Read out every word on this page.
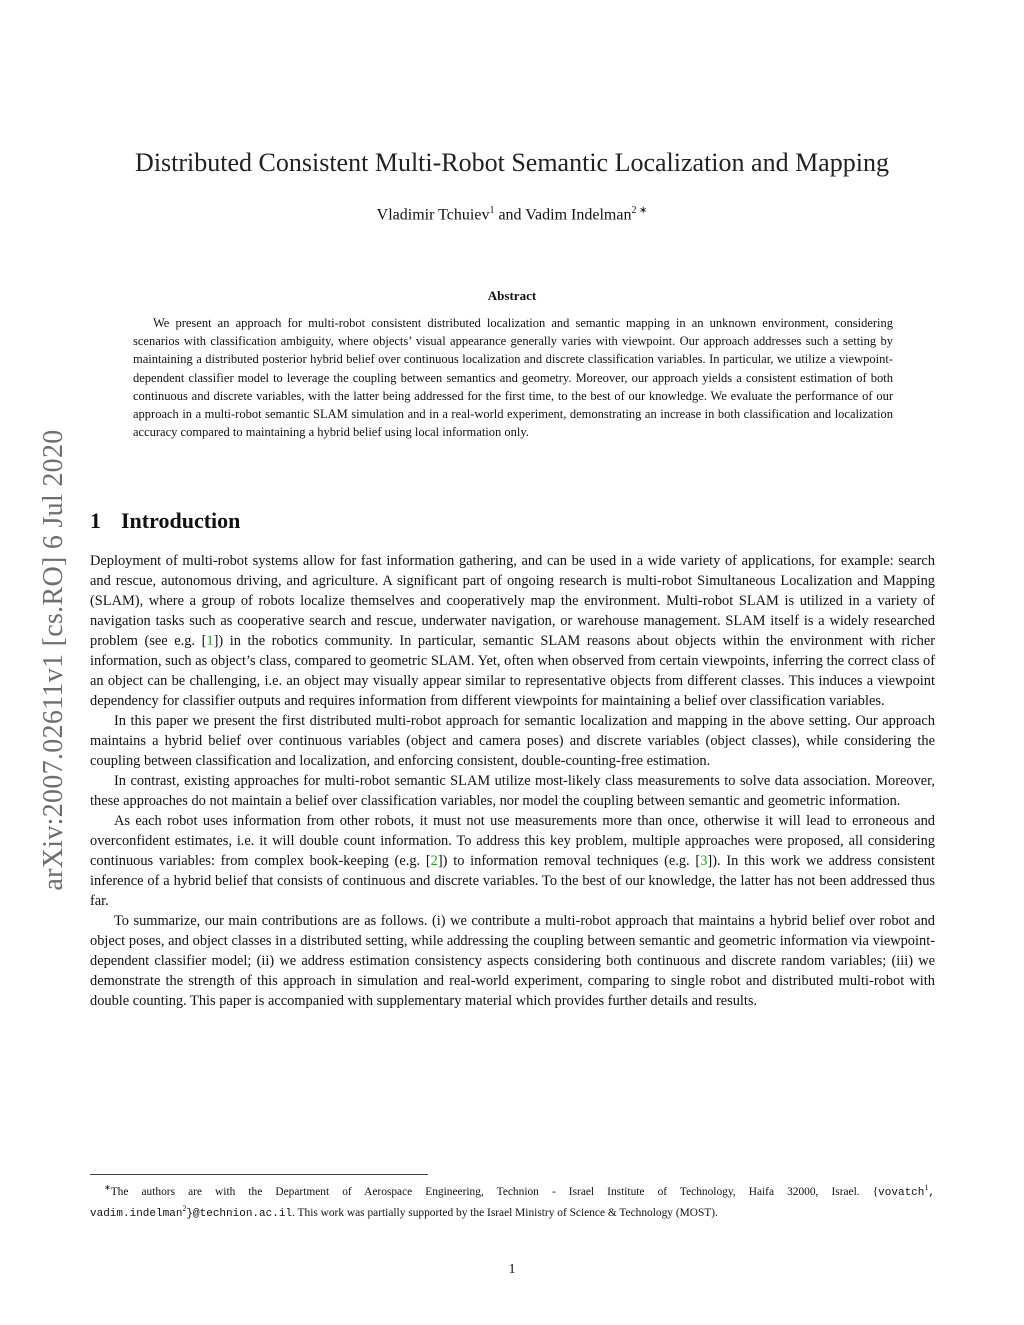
arXiv:2007.02611v1 [cs.RO] 6 Jul 2020
Distributed Consistent Multi-Robot Semantic Localization and Mapping
Vladimir Tchuiev$^1$ and Vadim Indelman$^2$ ∗
Abstract

We present an approach for multi-robot consistent distributed localization and semantic mapping in an unknown environment, considering scenarios with classification ambiguity, where objects’ visual appearance generally varies with viewpoint. Our approach addresses such a setting by maintaining a distributed posterior hybrid belief over continuous localization and discrete classification variables. In particular, we utilize a viewpoint-dependent classifier model to leverage the coupling between semantics and geometry. Moreover, our approach yields a consistent estimation of both continuous and discrete variables, with the latter being addressed for the first time, to the best of our knowledge. We evaluate the performance of our approach in a multi-robot semantic SLAM simulation and in a real-world experiment, demonstrating an increase in both classification and localization accuracy compared to maintaining a hybrid belief using local information only.

1 Introduction

Deployment of multi-robot systems allow for fast information gathering, and can be used in a wide variety of applications, for example: search and rescue, autonomous driving, and agriculture. A significant part of ongoing research is multi-robot Simultaneous Localization and Mapping (SLAM), where a group of robots localize themselves and cooperatively map the environment. Multi-robot SLAM is utilized in a variety of navigation tasks such as cooperative search and rescue, underwater navigation, or warehouse management. SLAM itself is a widely researched problem (see e.g. [1]) in the robotics community. In particular, semantic SLAM reasons about objects within the environment with richer information, such as object’s class, compared to geometric SLAM. Yet, often when observed from certain viewpoints, inferring the correct class of an object can be challenging, i.e. an object may visually appear similar to representative objects from different classes. This induces a viewpoint dependency for classifier outputs and requires information from different viewpoints for maintaining a belief over classification variables.

In this paper we present the first distributed multi-robot approach for semantic localization and mapping in the above setting. Our approach maintains a hybrid belief over continuous variables (object and camera poses) and discrete variables (object classes), while considering the coupling between classification and localization, and enforcing consistent, double-counting-free estimation.

In contrast, existing approaches for multi-robot semantic SLAM utilize most-likely class measurements to solve data association. Moreover, these approaches do not maintain a belief over classification variables, nor model the coupling between semantic and geometric information.

As each robot uses information from other robots, it must not use measurements more than once, otherwise it will lead to erroneous and overconfident estimates, i.e. it will double count information. To address this key problem, multiple approaches were proposed, all considering continuous variables: from complex book-keeping (e.g. [2]) to information removal techniques (e.g. [3]). In this work we address consistent inference of a hybrid belief that consists of continuous and discrete variables. To the best of our knowledge, the latter has not been addressed thus far.

To summarize, our main contributions are as follows. (i) we contribute a multi-robot approach that maintains a hybrid belief over robot and object poses, and object classes in a distributed setting, while addressing the coupling between semantic and geometric information via viewpoint-dependent classifier model; (ii) we address estimation consistency aspects considering both continuous and discrete random variables; (iii) we demonstrate the strength of this approach in simulation and real-world experiment, comparing to single robot and distributed multi-robot with double counting. This paper is accompanied with supplementary material which provides further details and results.

∗The authors are with the Department of Aerospace Engineering, Technion - Israel Institute of Technology, Haifa 32000, Israel. {vovatch$^1$, vadim.indelman$^2$}@technion.ac.il. This work was partially supported by the Israel Ministry of Science & Technology (MOST).

1
